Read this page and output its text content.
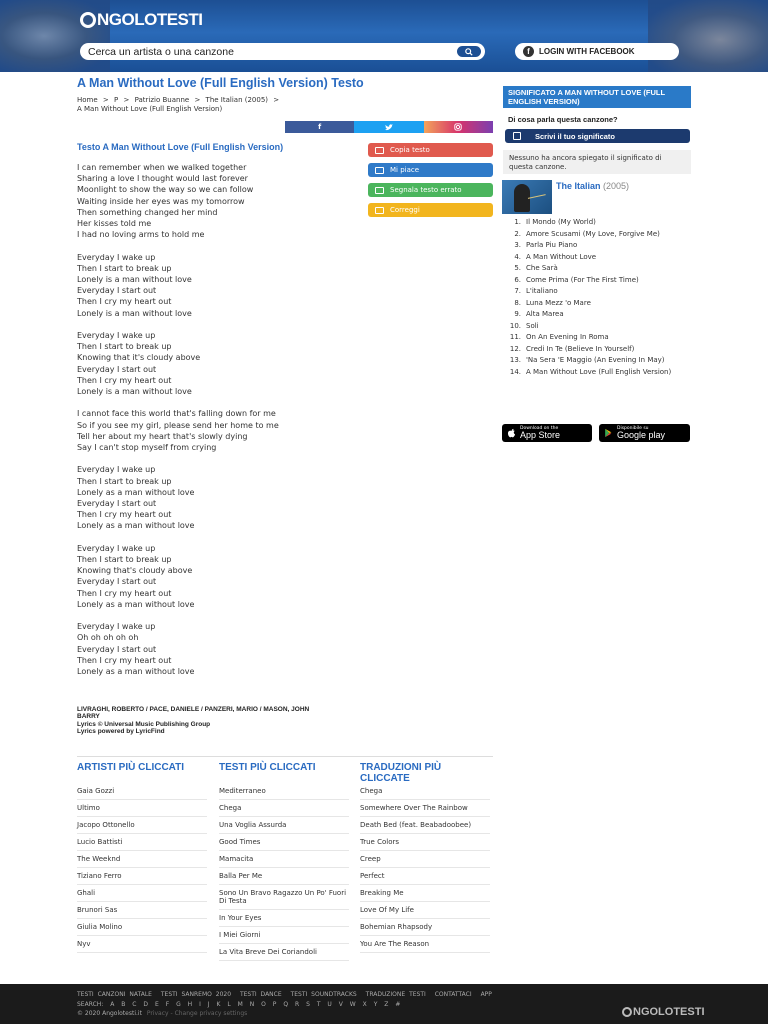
NGOLOTESTI
Cerca un artista o una canzone
f	LOGIN WITH FACEBOOK
A Man Without Love (Full English Version) Testo
Home > P > Patrizio Buanne > The Italian (2005) >
A Man Without Love (Full English Version)
f
Testo A Man Without Love (Full English Version)

I can remember when we walked together
Sharing a love I thought would last forever
Moonlight to show the way so we can follow
Waiting inside her eyes was my tomorrow
Then something changed her mind
Her kisses told me
I had no loving arms to hold me

Everyday I wake up
Then I start to break up
Lonely is a man without love
Everyday I start out
Then I cry my heart out
Lonely is a man without love

Everyday I wake up
Then I start to break up
Knowing that it's cloudy above
Everyday I start out
Then I cry my heart out
Lonely is a man without love

I cannot face this world that's falling down for me
So if you see my girl, please send her home to me
Tell her about my heart that's slowly dying
Say I can't stop myself from crying

Everyday I wake up
Then I start to break up
Lonely as a man without love
Everyday I start out
Then I cry my heart out
Lonely as a man without love

Everyday I wake up
Then I start to break up
Knowing that's cloudy above
Everyday I start out
Then I cry my heart out
Lonely as a man without love

Everyday I wake up
Oh oh oh oh oh
Everyday I start out
Then I cry my heart out
Lonely as a man without love

LIVRAGHI, ROBERTO / PACE, DANIELE / PANZERI, MARIO / MASON, JOHN BARRY
Lyrics © Universal Music Publishing Group
Lyrics powered by LyricFind
Copia testo
Mi piace
Segnala testo errato
Correggi
SIGNIFICATO A MAN WITHOUT LOVE (FULL ENGLISH VERSION)
Di cosa parla questa canzone?
Scrivi il tuo significato
Nessuno ha ancora spiegato il significato di questa canzone.
The Italian (2005)
1. Il Mondo (My World)
2. Amore Scusami (My Love, Forgive Me)
3. Parla Piu Piano
4. A Man Without Love
5. Che Sarà
6. Come Prima (For The First Time)
7. L'italiano
8. Luna Mezz 'o Mare
9. Alta Marea
10. Soli
11. On An Evening In Roma
12. Credi In Te (Believe In Yourself)
13. 'Na Sera 'E Maggio (An Evening In May)
14. A Man Without Love (Full English Version)
Download on the
App Store
Disponibile su
Google play
ARTISTI PIÙ CLICCATI
Gaia Gozzi
Ultimo
Jacopo Ottonello
Lucio Battisti
The Weeknd
Tiziano Ferro
Ghali
Brunori Sas
Giulia Molino
Nyv
TESTI PIÙ CLICCATI
Mediterraneo
Chega
Una Voglia Assurda
Good Times
Mamacita
Balla Per Me
Sono Un Bravo Ragazzo Un Po' Fuori Di Testa
In Your Eyes
I Miei Giorni
La Vita Breve Dei Coriandoli
TRADUZIONI PIÙ CLICCATE
Chega
Somewhere Over The Rainbow
Death Bed (feat. Beabadoobee)
True Colors
Creep
Perfect
Breaking Me
Love Of My Life
Bohemian Rhapsody
You Are The Reason
TESTI CANZONI NATALE TESTI SANREMO 2020 TESTI DANCE TESTI SOUNDTRACKS TRADUZIONE TESTI CONTATTACI APP
SEARCH: A B C D E F G H I J K L M N O P Q R S T U V W X Y Z #
© 2020 Angolotesti.it Privacy - Change privacy settings	NGOLOTESTI
